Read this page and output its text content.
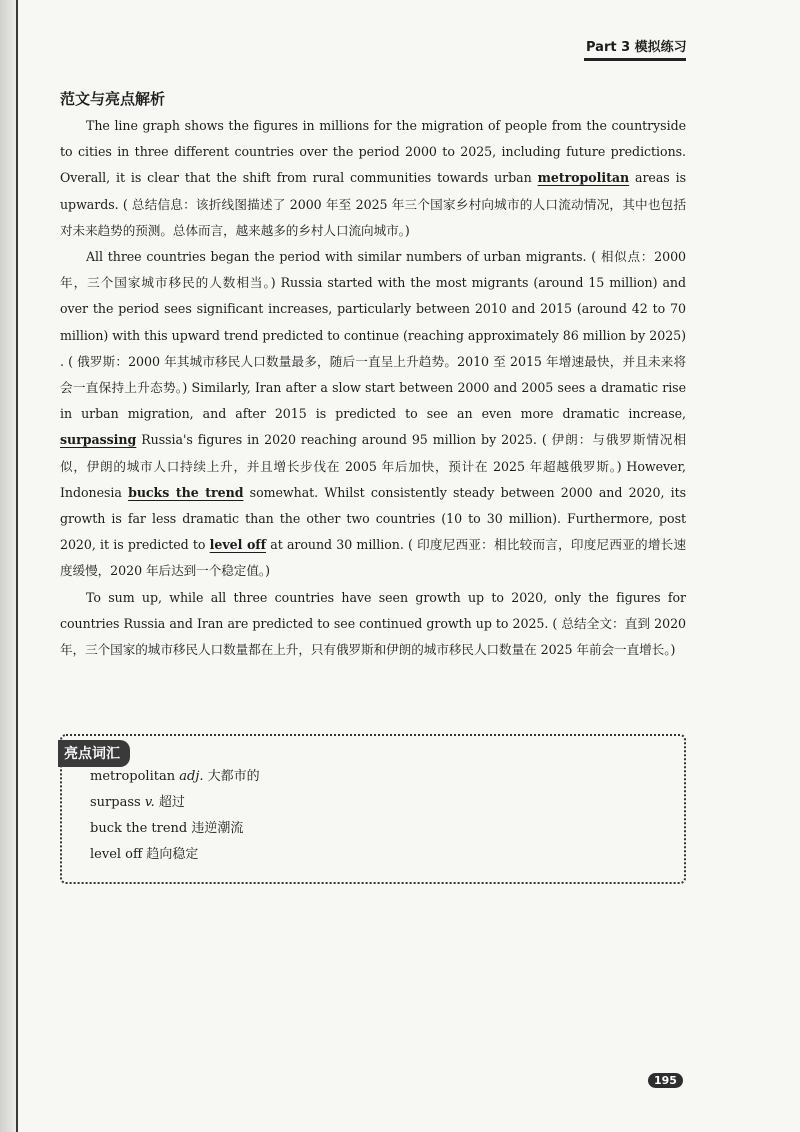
Part 3 模拟练习
范文与亮点解析

The line graph shows the figures in millions for the migration of people from the countryside to cities in three different countries over the period 2000 to 2025, including future predictions. Overall, it is clear that the shift from rural communities towards urban metropolitan areas is upwards. ( 总结信息：该折线图描述了 2000 年至 2025 年三个国家乡村向城市的人口流动情况，其中也包括对未来趋势的预测。总体而言，越来越多的乡村人口流向城市。)

All three countries began the period with similar numbers of urban migrants. ( 相似点：2000 年，三个国家城市移民的人数相当。) Russia started with the most migrants (around 15 million) and over the period sees significant increases, particularly between 2010 and 2015 (around 42 to 70 million) with this upward trend predicted to continue (reaching approximately 86 million by 2025) . ( 俄罗斯：2000 年其城市移民人口数量最多，随后一直呈上升趋势。2010 至 2015 年增速最快，并且未来将会一直保持上升态势。) Similarly, Iran after a slow start between 2000 and 2005 sees a dramatic rise in urban migration, and after 2015 is predicted to see an even more dramatic increase, surpassing Russia's figures in 2020 reaching around 95 million by 2025. ( 伊朗：与俄罗斯情况相似，伊朗的城市人口持续上升，并且增长步伐在 2005 年后加快，预计在 2025 年超越俄罗斯。) However, Indonesia bucks the trend somewhat. Whilst consistently steady between 2000 and 2020, its growth is far less dramatic than the other two countries (10 to 30 million). Furthermore, post 2020, it is predicted to level off at around 30 million. ( 印度尼西亚：相比较而言，印度尼西亚的增长速度缓慢，2020 年后达到一个稳定值。)

To sum up, while all three countries have seen growth up to 2020, only the figures for countries Russia and Iran are predicted to see continued growth up to 2025. ( 总结全文：直到 2020 年，三个国家的城市移民人口数量都在上升，只有俄罗斯和伊朗的城市移民人口数量在 2025 年前会一直增长。)

亮点词汇
metropolitan adj. 大都市的
surpass v. 超过
buck the trend 违逆潮流
level off 趋向稳定
195
